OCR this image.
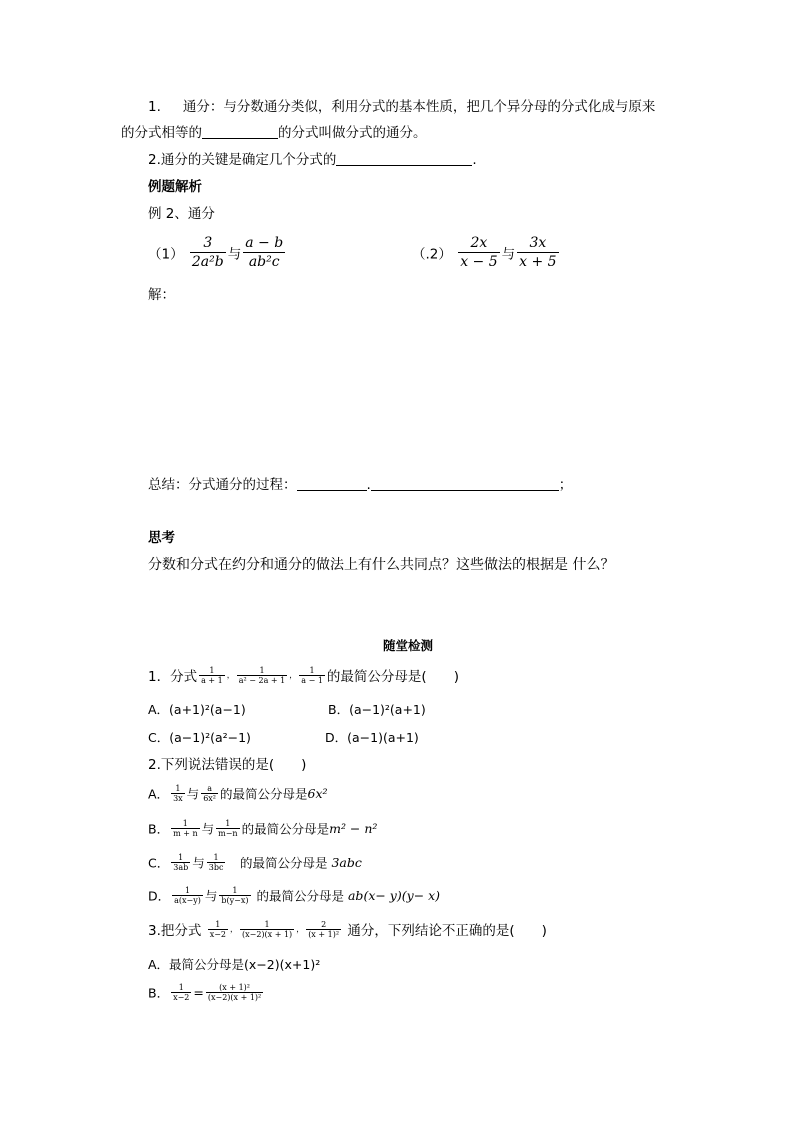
1. 通分：与分数通分类似，利用分式的基本性质，把几个异分母的分式化成与原来
的分式相等的	的分式叫做分式的通分。
2.通分的关键是确定几个分式的	.
例题解析
例 2、通分
$(1) \frac{3}{\text{2a²b}}$ 与 $\frac{a - b}{\text{ab²c}}$	$(.2) \frac{2x}{x - 5}$ 与 $\frac{3x}{x + 5}$
解：
总结：分式通分的过程：	.	；
思考
分数和分式在约分和通分的做法上有什么共同点？这些做法的根据是 什么？
随堂检测
1．分式 $\frac{1}{a + 1}$ ， $\frac{1}{\text{a² − 2a + 1}}$ ， $\frac{1}{a - 1}$ 的最简公分母是(　　)
A．(a+1)²(a−1)	B．(a−1)²(a+1)
C．(a−1)²(a²−1)	D．(a−1)(a+1)
2.下列说法错误的是(　　)
A． $\frac{1}{3x}$ 与 $\frac{a}{\text{6x²}}$ 的最简公分母是6x²
B． $\frac{1}{m + n}$ 与 $\frac{1}{m-n}$ 的最简公分母是m² − n²
C． $\frac{1}{3ab}$ 与 $\frac{1}{3bc}$ 　的最简公分母是 3abc
D． $\frac{1}{a(x-y)}$ 与 $\frac{1}{b(y-x)}$ 的最简公分母是 ab(x− y)(y− x)
3.把分式 $\frac{1}{x-2}$ ， $\frac{1}{(x-2)(x + 1)}$ ， $\frac{2}{\text{(x + 1)²}}$ 通分，下列结论不正确的是(　　)
A．最简公分母是(x−2)(x+1)²
B． $\frac{1}{x-2} = \frac{\text{(x + 1)²}}{\text{(x−2)(x + 1)²}}$
